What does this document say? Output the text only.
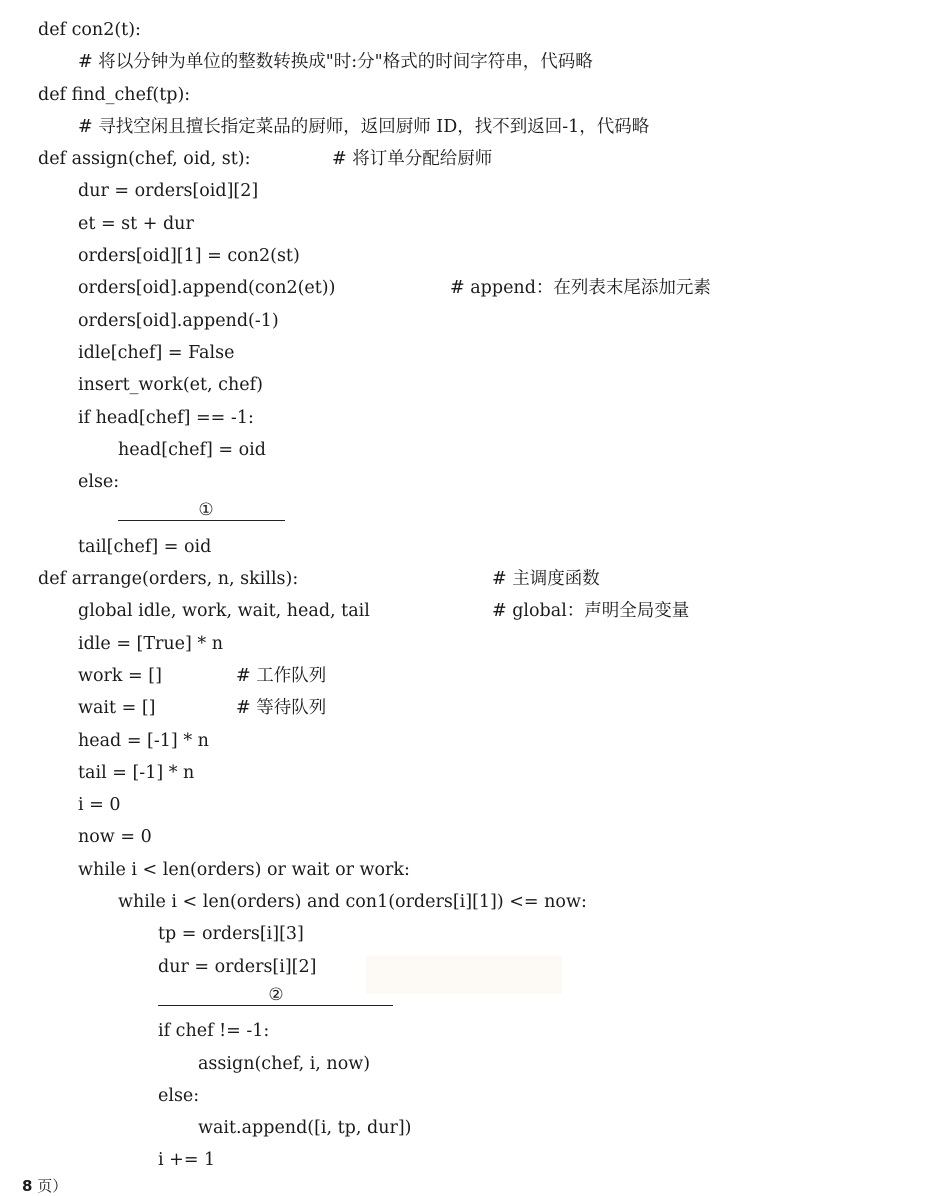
def con2(t):
# 将以分钟为单位的整数转换成"时:分"格式的时间字符串，代码略
def find_chef(tp):
# 寻找空闲且擅长指定菜品的厨师，返回厨师 ID，找不到返回-1，代码略
def assign(chef, oid, st):	# 将订单分配给厨师
dur = orders[oid][2]
et = st + dur
orders[oid][1] = con2(st)
orders[oid].append(con2(et))	# append：在列表末尾添加元素
orders[oid].append(-1)
idle[chef] = False
insert_work(et, chef)
if head[chef] == -1:
head[chef] = oid
else:
①
tail[chef] = oid
def arrange(orders, n, skills):	# 主调度函数
global idle, work, wait, head, tail	# global：声明全局变量
idle = [True] * n
work = []	# 工作队列
wait = []	# 等待队列
head = [-1] * n
tail = [-1] * n
i = 0
now = 0
while i < len(orders) or wait or work:
while i < len(orders) and con1(orders[i][1]) <= now:
tp = orders[i][3]
dur = orders[i][2]
②
if chef != -1:
assign(chef, i, now)
else:
wait.append([i, tp, dur])
i += 1
8 页）
